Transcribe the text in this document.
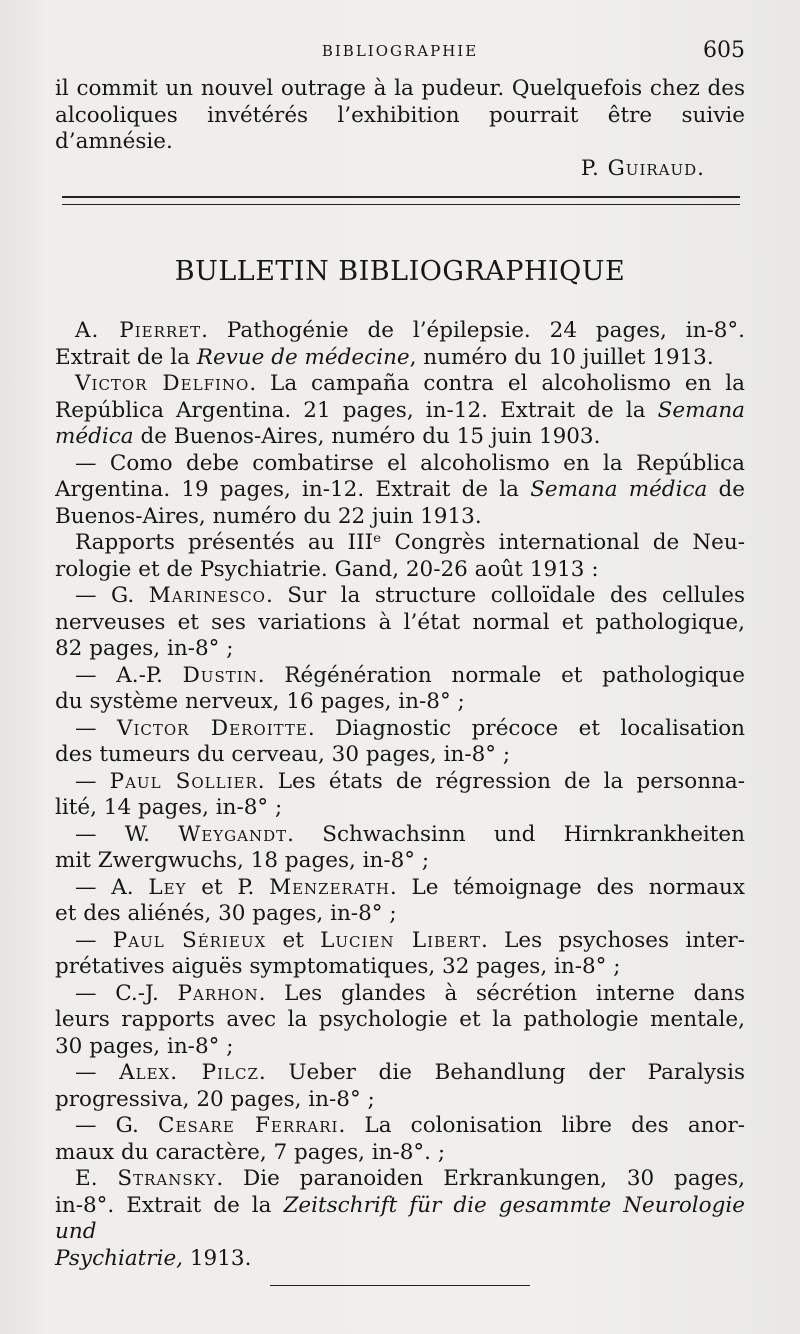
BIBLIOGRAPHIE	605
il commit un nouvel outrage à la pudeur. Quelquefois chez des
alcooliques invétérés l’exhibition pourrait être suivie d’amnésie.
P. Guiraud.
BULLETIN BIBLIOGRAPHIQUE
A. Pierret. Pathogénie de l’épilepsie. 24 pages, in-8°.
Extrait de la Revue de médecine, numéro du 10 juillet 1913.
Victor Delfino. La campaña contra el alcoholismo en la
República Argentina. 21 pages, in-12. Extrait de la Semana
médica de Buenos-Aires, numéro du 15 juin 1903.
— Como debe combatirse el alcoholismo en la República
Argentina. 19 pages, in-12. Extrait de la Semana médica de
Buenos-Aires, numéro du 22 juin 1913.
Rapports présentés au IIIᵉ Congrès international de Neu-
rologie et de Psychiatrie. Gand, 20-26 août 1913 :
— G. Marinesco. Sur la structure colloïdale des cellules
nerveuses et ses variations à l’état normal et pathologique,
82 pages, in-8° ;
— A.-P. Dustin. Régénération normale et pathologique
du système nerveux, 16 pages, in-8° ;
— Victor Deroitte. Diagnostic précoce et localisation
des tumeurs du cerveau, 30 pages, in-8° ;
— Paul Sollier. Les états de régression de la personna-
lité, 14 pages, in-8° ;
— W. Weygandt. Schwachsinn und Hirnkrankheiten
mit Zwergwuchs, 18 pages, in-8° ;
— A. Ley et P. Menzerath. Le témoignage des normaux
et des aliénés, 30 pages, in-8° ;
— Paul Sérieux et Lucien Libert. Les psychoses inter-
prétatives aiguës symptomatiques, 32 pages, in-8° ;
— C.-J. Parhon. Les glandes à sécrétion interne dans
leurs rapports avec la psychologie et la pathologie mentale,
30 pages, in-8° ;
— Alex. Pilcz. Ueber die Behandlung der Paralysis
progressiva, 20 pages, in-8° ;
— G. Cesare Ferrari. La colonisation libre des anor-
maux du caractère, 7 pages, in-8°. ;
E. Stransky. Die paranoiden Erkrankungen, 30 pages,
in-8°. Extrait de la Zeitschrift für die gesammte Neurologie und
Psychiatrie, 1913.
